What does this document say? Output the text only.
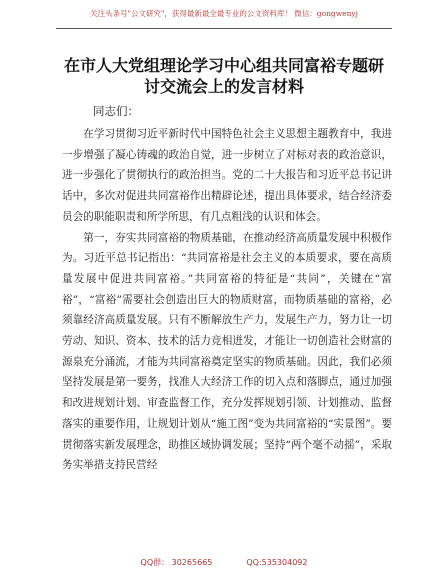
关注头条号"公文研究"，获得最新最全最专业的公文资料库！ 微信：gongwenyj
在市人大党组理论学习中心组共同富裕专题研
讨交流会上的发言材料
同志们：

在学习贯彻习近平新时代中国特色社会主义思想主题教育中，我进一步增强了凝心铸魂的政治自觉，进一步树立了对标对表的政治意识，进一步强化了贯彻执行的政治担当。党的二十大报告和习近平总书记讲话中，多次对促进共同富裕作出精辟论述，提出具体要求，结合经济委员会的职能职责和所学所思，有几点粗浅的认识和体会。

第一，夯实共同富裕的物质基础，在推动经济高质量发展中积极作为。习近平总书记指出：“共同富裕是社会主义的本质要求，要在高质量发展中促进共同富裕。”共同富裕的特征是“共同”，关键在“富裕”，“富裕”需要社会创造出巨大的物质财富，而物质基础的富裕，必须靠经济高质量发展。只有不断解放生产力，发展生产力，努力让一切劳动、知识、资本、技术的活力竞相迸发，才能让一切创造社会财富的源泉充分涌流，才能为共同富裕奠定坚实的物质基础。因此，我们必须坚持发展是第一要务，找准人大经济工作的切入点和落脚点，通过加强和改进规划计划、审查监督工作，充分发挥规划引领、计划推动、监督落实的重要作用，让规划计划从“施工图”变为共同富裕的“实景图”。要贯彻落实新发展理念，助推区域协调发展；坚持“两个毫不动摇”，采取务实举措支持民营经

QQ群： 30265665	QQ:535304092
